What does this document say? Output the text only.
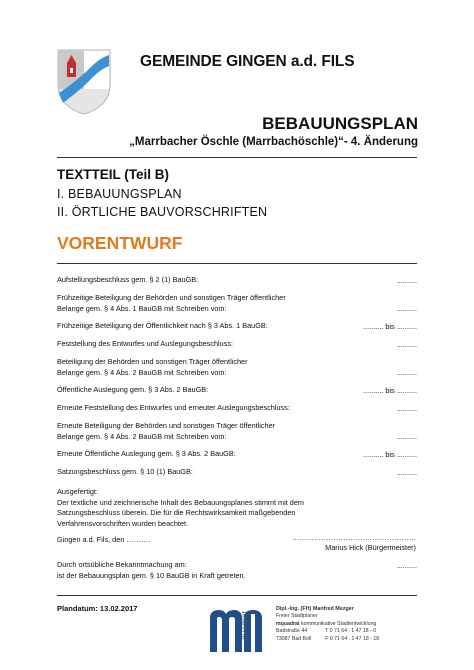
GEMEINDE GINGEN a.d. FILS
BEBAUUNGSPLAN
„Marrbacher Öschle (Marrbachöschle)“- 4. Änderung
TEXTTEIL (Teil B)
I. BEBAUUNGSPLAN
II. ÖRTLICHE BAUVORSCHRIFTEN
VORENTWURF
Aufstellungsbeschluss gem. § 2 (1) BauGB:	..........
Frühzeitige Beteiligung der Behörden und sonstigen Träger öffentlicher
Belange gem. § 4 Abs. 1 BauGB mit Schreiben vom:	..........
Frühzeitige Beteiligung der Öffentlichkeit nach § 3 Abs. 1 BauGB:	.......... bis ..........
Feststellung des Entwurfes und Auslegungsbeschluss:	..........
Beteiligung der Behörden und sonstigen Träger öffentlicher
Belange gem. § 4 Abs. 2 BauGB mit Schreiben vom:	..........
Öffentliche Auslegung gem. § 3 Abs. 2 BauGB:	.......... bis ..........
Erneute Feststellung des Entwurfes und erneuter Auslegungsbeschluss:	..........
Erneute Beteiligung der Behörden und sonstigen Träger öffentlicher
Belange gem. § 4 Abs. 2 BauGB mit Schreiben vom:	..........
Erneute Öffentliche Auslegung gem. § 3 Abs. 2 BauGB:	.......... bis ..........
Satzungsbeschluss gem. § 10 (1) BauGB:	..........
Ausgefertigt:
Der textliche und zeichnerische Inhalt des Bebauungsplanes stimmt mit dem
Satzungsbeschluss überein. Die für die Rechtswirksamkeit maßgebenden
Verfahrensvorschriften wurden beachtet.
Gingen a.d. Fils, den ……….	……………………………………………
Marius Hick (Bürgermeister)
Durch ortsübliche Bekanntmachung am:
ist der Bebauungsplan gem. § 10 BauGB in Kraft getreten.
..........
Plandatum: 13.02.2017
quadrat
Dipl.-Ing. (FH) Manfred Mezger
Freier Stadtplaner
mquadrat kommunikative Stadtentwicklung
Badstraße 44	T 0 71 64 . 1 47 18 - 0
73087 Bad Boll	F 0 71 64 . 1 47 18 - 18
